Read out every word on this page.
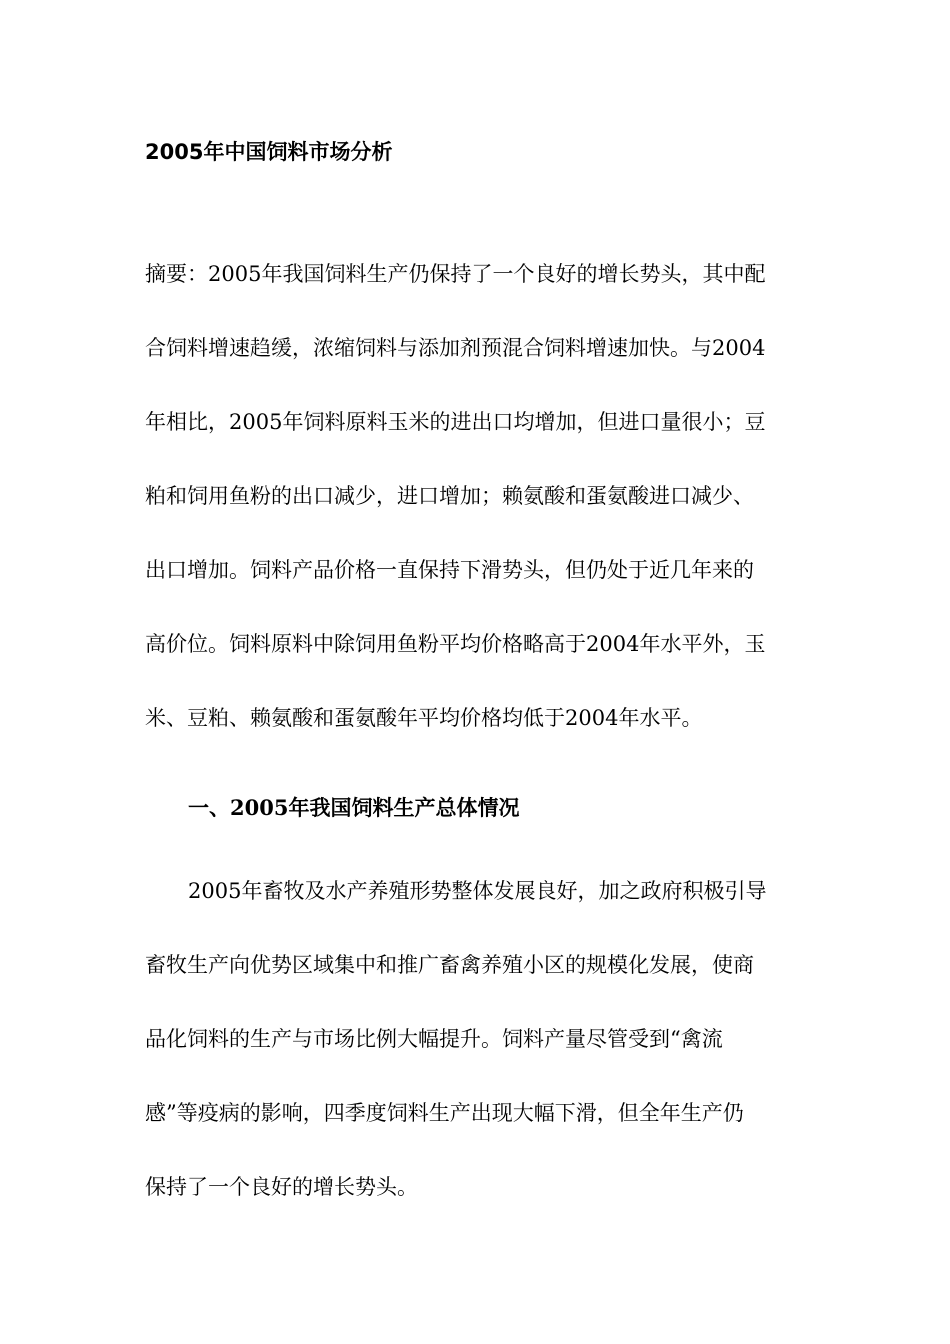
2005年中国饲料市场分析
摘要：2005年我国饲料生产仍保持了一个良好的增长势头，其中配
合饲料增速趋缓，浓缩饲料与添加剂预混合饲料增速加快。与2004
年相比，2005年饲料原料玉米的进出口均增加，但进口量很小；豆
粕和饲用鱼粉的出口减少，进口增加；赖氨酸和蛋氨酸进口减少、
出口增加。饲料产品价格一直保持下滑势头，但仍处于近几年来的
高价位。饲料原料中除饲用鱼粉平均价格略高于2004年水平外，玉
米、豆粕、赖氨酸和蛋氨酸年平均价格均低于2004年水平。
一、2005年我国饲料生产总体情况
2005年畜牧及水产养殖形势整体发展良好，加之政府积极引导
畜牧生产向优势区域集中和推广畜禽养殖小区的规模化发展，使商
品化饲料的生产与市场比例大幅提升。饲料产量尽管受到“禽流
感”等疫病的影响，四季度饲料生产出现大幅下滑，但全年生产仍
保持了一个良好的增长势头。
